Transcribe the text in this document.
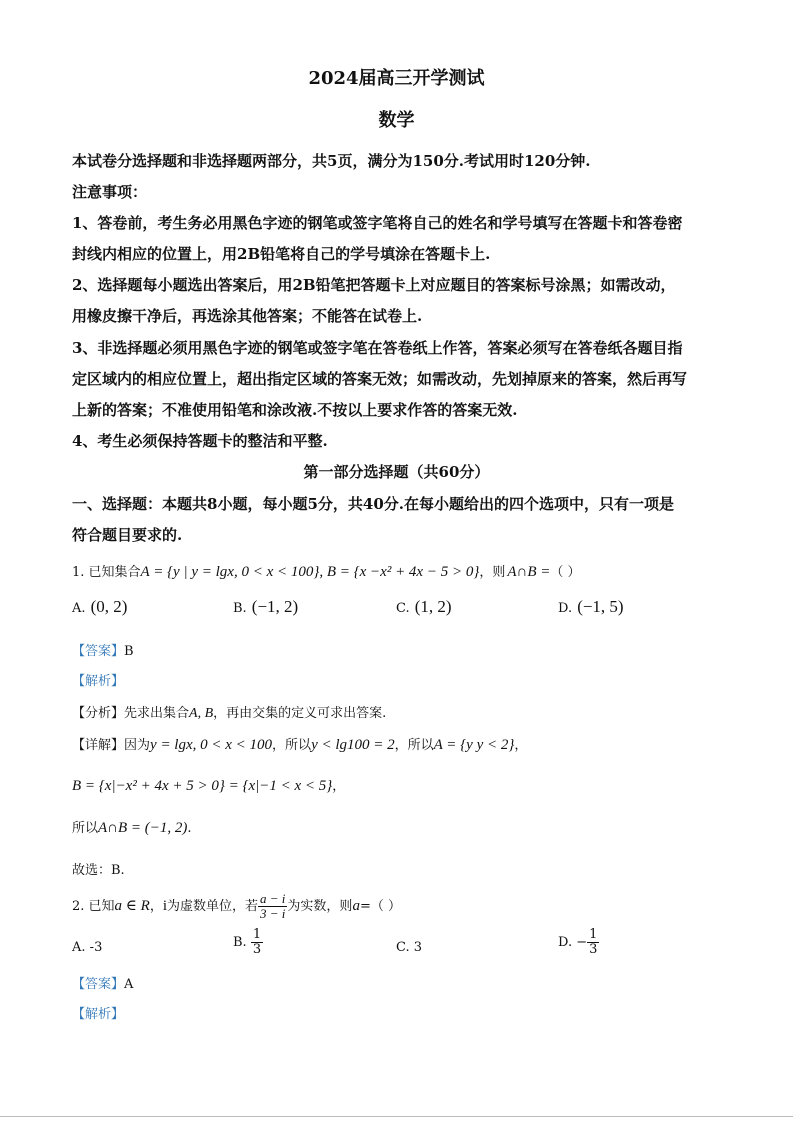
2024届高三开学测试
数学
本试卷分选择题和非选择题两部分，共5页，满分为150分.考试用时120分钟.
注意事项：
1、答卷前，考生务必用黑色字迹的钢笔或签字笔将自己的姓名和学号填写在答题卡和答卷密
封线内相应的位置上，用2B铅笔将自己的学号填涂在答题卡上.
2、选择题每小题选出答案后，用2B铅笔把答题卡上对应题目的答案标号涂黑；如需改动，
用橡皮擦干净后，再选涂其他答案；不能答在试卷上.
3、非选择题必须用黑色字迹的钢笔或签字笔在答卷纸上作答，答案必须写在答卷纸各题目指
定区域内的相应位置上，超出指定区域的答案无效；如需改动，先划掉原来的答案，然后再写
上新的答案；不准使用铅笔和涂改液.不按以上要求作答的答案无效.
4、考生必须保持答题卡的整洁和平整.
第一部分选择题（共60分）
一、选择题：本题共8小题，每小题5分，共40分.在每小题给出的四个选项中，只有一项是
符合题目要求的.
1. 已知集合A = {y | y = lgx, 0 < x < 100}, B = {x −x² + 4x − 5 > 0}，则 A∩B =（ ）
A. (0, 2)	B. (−1, 2)	C. (1, 2)	D. (−1, 5)
【答案】B
【解析】
【分析】先求出集合A, B，再由交集的定义可求出答案.
【详解】因为y = lgx, 0 < x < 100，所以y < lg100 = 2，所以A = {y y < 2}，
B = {x|−x² + 4x + 5 > 0} = {x|−1 < x < 5}，
所以A∩B = (−1, 2).
故选：B.
2. 已知a ∈ R，i为虚数单位，若 $\frac{a - i}{3 - i}$ 为实数，则a=（ ）
A. -3	B. $\frac{1}{3}$	C. 3	D. − $\frac{1}{3}$
【答案】A
【解析】
